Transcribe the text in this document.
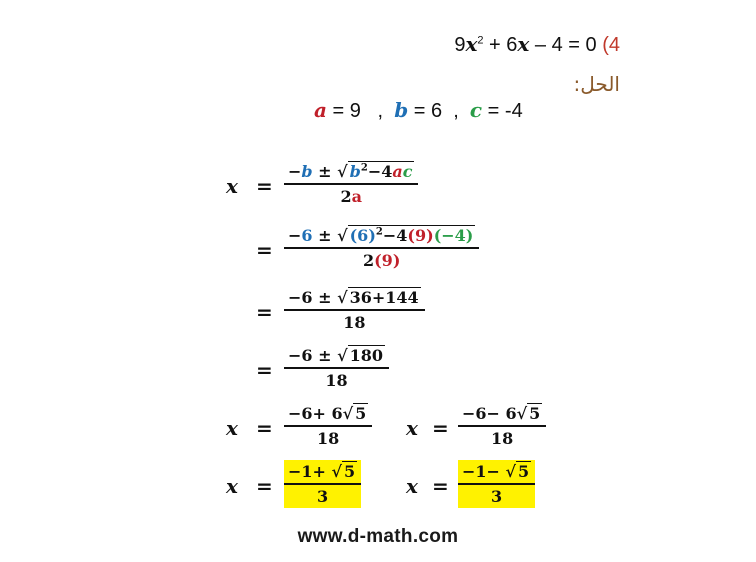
$9x^2 + 6x - 4 = 0$ (4
الحل:
a = 9   ,  b = 6  ,  c = -4
x =
−b ± √ $b^2-4ac$
2a
=
−6 ± √ $(6)^2-4(9)(-4)$
2(9)
=
−6 ± √ 36+144
18
=
−6 ± √ 180
18
x =
−6+ 6√ 5
18	x =
−6− 6√ 5
18
x =
−1+ √ 5
3	x =
−1− √ 5
3
www.d-math.com
